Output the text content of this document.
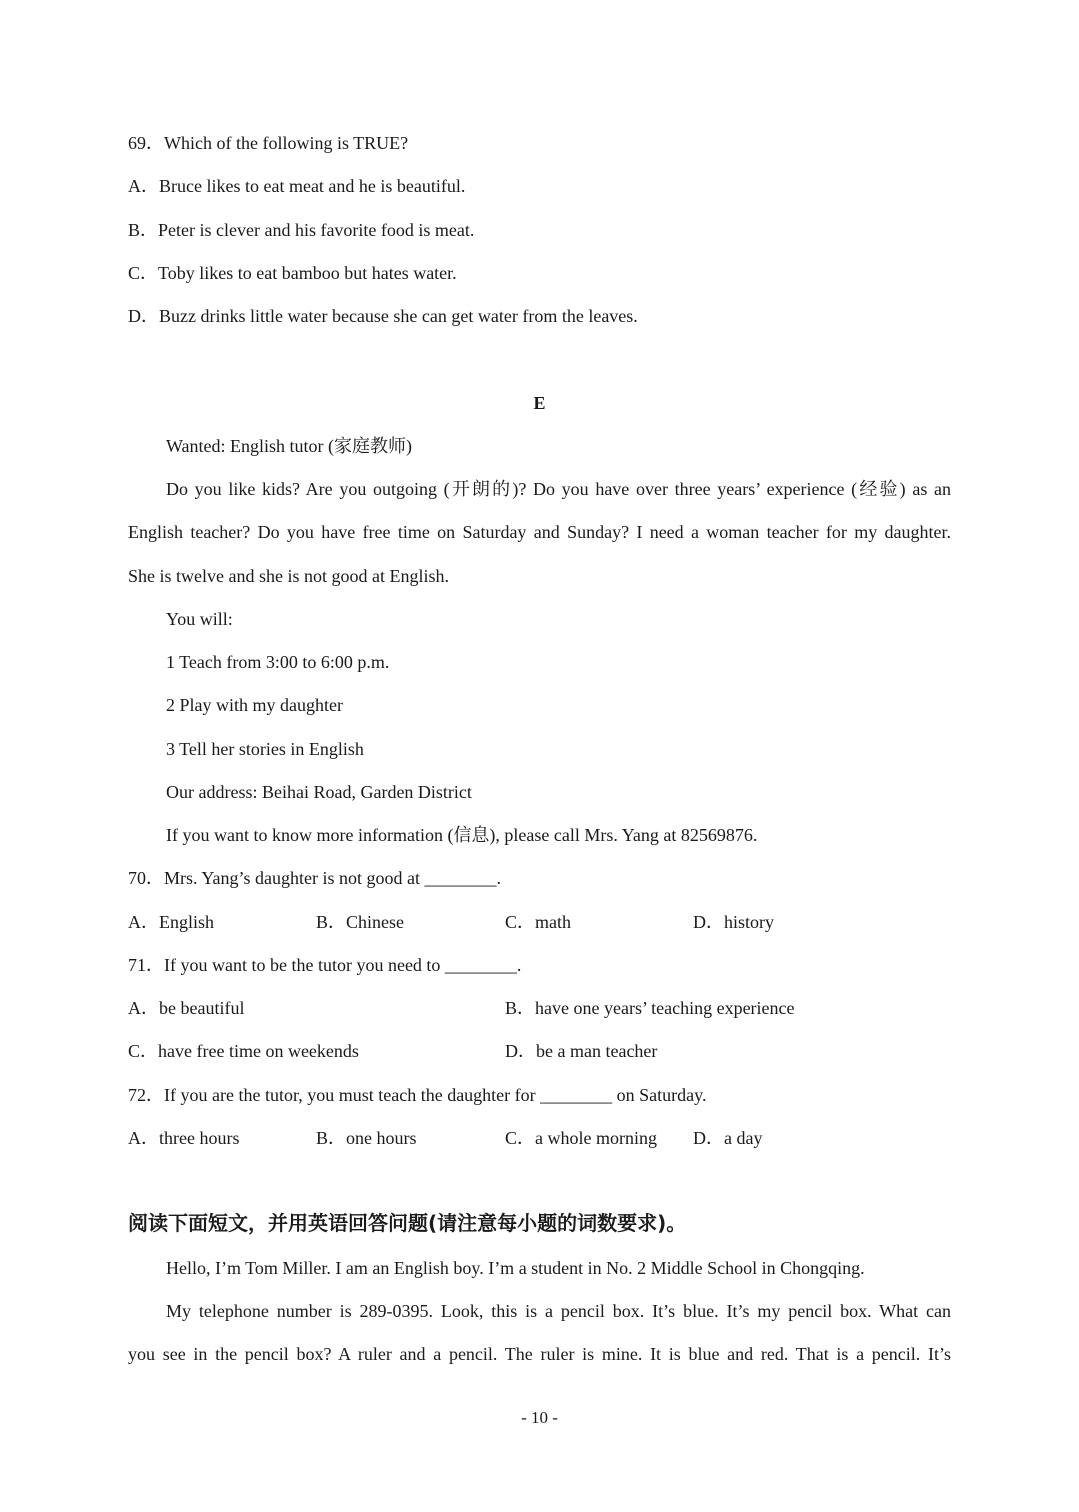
69．Which of the following is TRUE?
A．Bruce likes to eat meat and he is beautiful.
B．Peter is clever and his favorite food is meat.
C．Toby likes to eat bamboo but hates water.
D．Buzz drinks little water because she can get water from the leaves.
E
Wanted: English tutor (家庭教师)
Do you like kids? Are you outgoing (开朗的)? Do you have over three years’ experience (经验) as an
English teacher? Do you have free time on Saturday and Sunday? I need a woman teacher for my daughter.
She is twelve and she is not good at English.
You will:
1 Teach from 3:00 to 6:00 p.m.
2 Play with my daughter
3 Tell her stories in English
Our address: Beihai Road, Garden District
If you want to know more information (信息), please call Mrs. Yang at 82569876.
70．Mrs. Yang’s daughter is not good at ________.
A．English	B．Chinese	C．math	D．history
71．If you want to be the tutor you need to ________.
A．be beautiful	B．have one years’ teaching experience
C．have free time on weekends	D．be a man teacher
72．If you are the tutor, you must teach the daughter for ________ on Saturday.
A．three hours	B．one hours	C．a whole morning D．a day
阅读下面短文，并用英语回答问题(请注意每小题的词数要求)。
Hello, I’m Tom Miller. I am an English boy. I’m a student in No. 2 Middle School in Chongqing.
My telephone number is 289-0395. Look, this is a pencil box. It’s blue. It’s my pencil box. What can
you see in the pencil box? A ruler and a pencil. The ruler is mine. It is blue and red. That is a pencil. It’s
- 10 -
